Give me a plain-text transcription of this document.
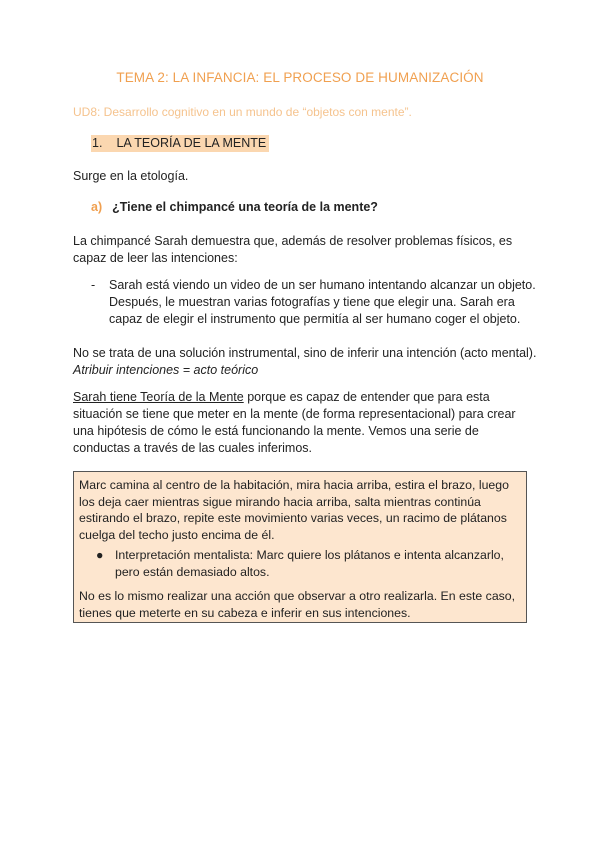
TEMA 2: LA INFANCIA: EL PROCESO DE HUMANIZACIÓN
UD8: Desarrollo cognitivo en un mundo de “objetos con mente”.
1. LA TEORÍA DE LA MENTE
Surge en la etología.
a) ¿Tiene el chimpancé una teoría de la mente?
La chimpancé Sarah demuestra que, además de resolver problemas físicos, es capaz de leer las intenciones:
- Sarah está viendo un video de un ser humano intentando alcanzar un objeto. Después, le muestran varias fotografías y tiene que elegir una. Sarah era capaz de elegir el instrumento que permitía al ser humano coger el objeto.
No se trata de una solución instrumental, sino de inferir una intención (acto mental).
Atribuir intenciones = acto teórico
Sarah tiene Teoría de la Mente porque es capaz de entender que para esta situación se tiene que meter en la mente (de forma representacional) para crear una hipótesis de cómo le está funcionando la mente. Vemos una serie de conductas a través de las cuales inferimos.
Marc camina al centro de la habitación, mira hacia arriba, estira el brazo, luego los deja caer mientras sigue mirando hacia arriba, salta mientras continúa estirando el brazo, repite este movimiento varias veces, un racimo de plátanos cuelga del techo justo encima de él.
● Interpretación mentalista: Marc quiere los plátanos e intenta alcanzarlo, pero están demasiado altos.
No es lo mismo realizar una acción que observar a otro realizarla. En este caso, tienes que meterte en su cabeza e inferir en sus intenciones.
